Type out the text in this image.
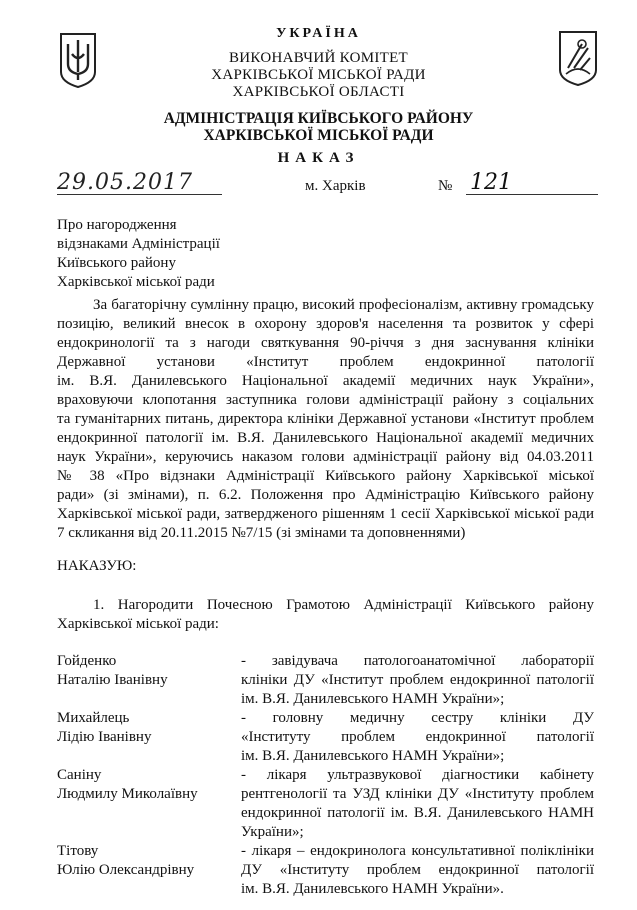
УКРАЇНА
ВИКОНАВЧИЙ КОМІТЕТ
ХАРКІВСЬКОЇ МІСЬКОЇ РАДИ
ХАРКІВСЬКОЇ ОБЛАСТІ
АДМІНІСТРАЦІЯ КИЇВСЬКОГО РАЙОНУ
ХАРКІВСЬКОЇ МІСЬКОЇ РАДИ
НАКАЗ
29.05.2017	м. Харків	№ 121
Про нагородження
відзнаками Адміністрації
Київського району
Харківської міської ради
За багаторічну сумлінну працю, високий професіоналізм, активну громадську
позицію, великий внесок в охорону здоров'я населення та розвиток у сфері
ендокринології та з нагоди святкування 90-річчя з дня заснування клініки
Державної установи «Інститут проблем ендокринної патології
ім. В.Я. Данилевського Національної академії медичних наук України»,
враховуючи клопотання заступника голови адміністрації району з соціальних
та гуманітарних питань, директора клініки Державної установи «Інститут проблем
ендокринної патології ім. В.Я. Данилевського Національної академії медичних
наук України», керуючись наказом голови адміністрації району від 04.03.2011
№ 38 «Про відзнаки Адміністрації Київського району Харківської міської
ради» (зі змінами), п. 6.2. Положення про Адміністрацію Київського району
Харківської міської ради, затвердженого рішенням 1 сесії Харківської міської ради
7 скликання від 20.11.2015 №7/15 (зі змінами та доповненнями)
НАКАЗУЮ:
1. Нагородити Почесною Грамотою Адміністрації Київського району
Харківської міської ради:
Гойденко
Наталію Іванівну
- завідувача патологоанатомічної лабораторії
клініки ДУ «Інститут проблем ендокринної патології
ім. В.Я. Данилевського НАМН України»;
Михайлець
Лідію Іванівну
- головну медичну сестру клініки ДУ
«Інституту проблем ендокринної патології
ім. В.Я. Данилевського НАМН України»;
Саніну
Людмилу Миколаївну
- лікаря ультразвукової діагностики кабінету
рентгенології та УЗД клініки ДУ «Інституту проблем
ендокринної патології ім. В.Я. Данилевського НАМН
України»;
Тітову
Юлію Олександрівну
- лікаря – ендокринолога консультативної поліклініки
ДУ «Інституту проблем ендокринної патології
ім. В.Я. Данилевського НАМН України».
